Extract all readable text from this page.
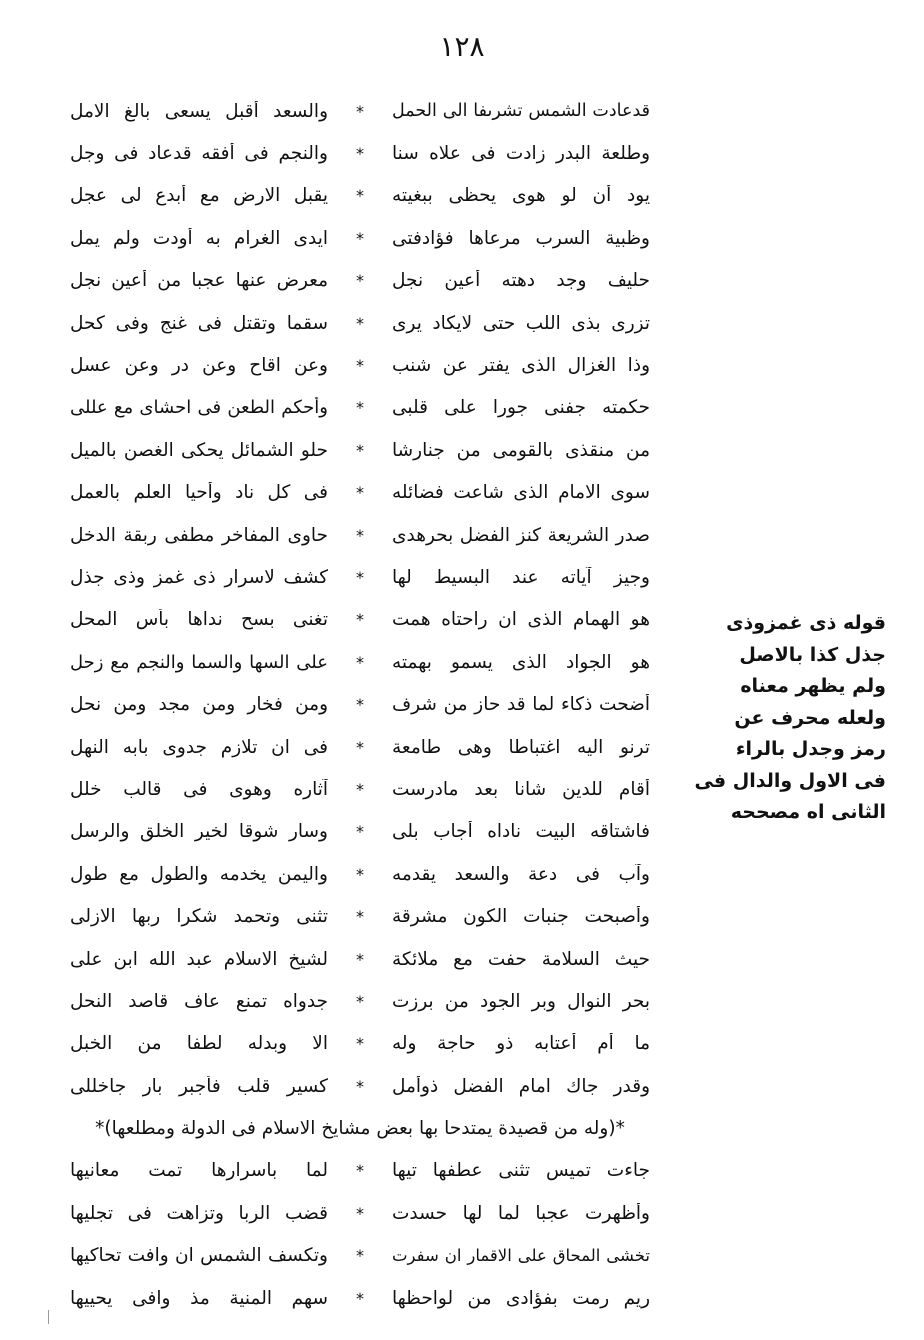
١٢٨
قدعادت الشمس تشرىفا الى الحمل
*
والسعد أقبل يسعى بالغ الامل
وطلعة البدر زادت فى علاه سنا
*
والنجم فى أفقه قدعاد فى وجل
يود أن لو هوى يحظى ببغيته
*
يقبل الارض مع أبدع لى عجل
وظبية السرب مرعاها فؤادفتى
*
ايدى الغرام به أودت ولم يمل
حليف وجد دهته أعين نجل
*
معرض عنها عجبا من أعين نجل
تزرى بذى اللب حتى لايكاد يرى
*
سقما وتقتل فى غنج وفى كحل
وذا الغزال الذى يفتر عن شنب
*
وعن اقاح وعن در وعن عسل
حكمته جفنى جورا على قلبى
*
وأحكم الطعن فى احشاى مع عللى
من منقذى بالقومى من جنارشا
*
حلو الشمائل يحكى الغصن بالميل
سوى الامام الذى شاعت فضائله
*
فى كل ناد وأحيا العلم بالعمل
صدر الشريعة كنز الفضل بحرهدى
*
حاوى المفاخر مطفى ربقة الدخل
وجيز آياته عند البسيط لها
*
كشف لاسرار ذى غمز وذى جذل
هو الهمام الذى ان راحتاه همت
*
تغنى بسح نداها بأس المحل
هو الجواد الذى يسمو بهمته
*
على السها والسما والنجم مع زحل
أضحت ذكاء لما قد حاز من شرف
*
ومن فخار ومن مجد ومن نحل
ترنو اليه اغتباطا وهى طامعة
*
فى ان تلازم جدوى بابه النهل
أقام للدين شانا بعد مادرست
*
آثاره وهوى فى قالب خلل
فاشتاقه البيت ناداه أجاب بلى
*
وسار شوقا لخير الخلق والرسل
وآب فى دعة والسعد يقدمه
*
واليمن يخدمه والطول مع طول
وأصبحت جنبات الكون مشرقة
*
تثنى وتحمد شكرا ربها الازلى
حيث السلامة حفت مع ملائكة
*
لشيخ الاسلام عبد الله ابن على
بحر النوال وبر الجود من برزت
*
جدواه تمنع عاف قاصد النحل
ما أم أعتابه ذو حاجة وله
*
الا وبدله لطفا من الخبل
وقدر جاك امام الفضل ذوأمل
*
كسير قلب فأجبر بار جاخللى
*(وله من قصيدة يمتدحا بها بعض مشايخ الاسلام فى الدولة ومطلعها)*
جاءت تميس تثنى عطفها تيها
*
لما باسرارها تمت معانيها
وأظهرت عجبا لما لها حسدت
*
قضب الربا وتزاهت فى تجليها
تخشى المحاق على الاقمار ان سفرت
*
وتكسف الشمس ان وافت تحاكيها
ريم رمت بفؤادى من لواحظها
*
سهم المنية مذ وافى يحييها
قوله ذى غمزوذى
جذل كذا بالاصل
ولم يظهر معناه
ولعله محرف عن
رمز وجدل بالراء
فى الاول والدال فى
الثانى اه مصححه
